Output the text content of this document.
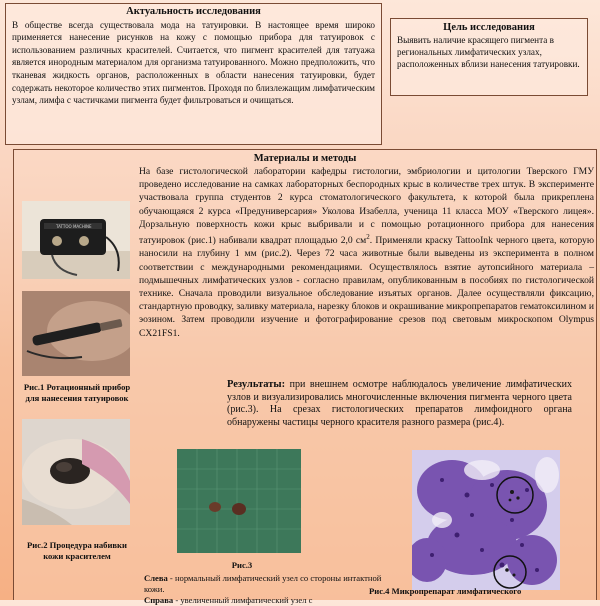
Актуальность исследования
В обществе всегда существовала мода на татуировки. В настоящее время широко применяется нанесение рисунков на кожу с помощью прибора для татуировок с использованием различных красителей. Считается, что пигмент красителей для татуажа является инородным материалом для организма татуированного. Можно предположить, что тканевая жидкость органов, расположенных в области нанесения татуировки, будет содержать некоторое количество этих пигментов. Проходя по близлежащим лимфатическим узлам, лимфа с частичками пигмента будет фильтроваться и очищаться.
Цель исследования
Выявить наличие красящего пигмента в региональных лимфатических узлах, расположенных вблизи нанесения татуировки.
Материалы и методы
На базе гистологической лаборатории кафедры гистологии, эмбриологии и цитологии Тверского ГМУ проведено исследование на самках лабораторных беспородных крыс в количестве трех штук. В эксперименте участвовала группа студентов 2 курса стоматологического факультета, к которой была прикреплена обучающаяся 2 курса «Предуниверсария» Уколова Изабелла, ученица 11 класса МОУ «Тверского лицея». Дорзальную поверхность кожи крыс выбривали и с помощью ротационного прибора для нанесения татуировок (рис.1) набивали квадрат площадью 2,0 $см^2$. Применяли краску TattooInk черного цвета, которую наносили на глубину 1 мм (рис.2). Через 72 часа животные были выведены из эксперимента в полном соответствии с международными рекомендациями. Осуществлялось взятие аутопсийного материала – подмышечных лимфатических узлов - согласно правилам, опубликованным в пособиях по гистологической технике. Сначала проводили визуальное обследование изъятых органов. Далее осуществляли фиксацию, стандартную проводку, заливку материала, нарезку блоков и окрашивание микропрепаратов гематоксилином и эозином. Затем проводили изучение и фотографирование срезов под световым микроскопом Olympus CX21FS1.
TATTOO MACHINE
Рис.1 Ротационный прибор для нанесения татуировок
Рис.2 Процедура набивки кожи красителем
Результаты: при внешнем осмотре наблюдалось увеличение лимфатических узлов и визуализировались многочисленные включения пигмента черного цвета (рис.3). На срезах гистологических препаратов лимфоидного органа обнаружены частицы черного красителя разного размера (рис.4).
Рис.3
Слева - нормальный лимфатический узел со стороны интактной кожи.
Справа - увеличенный лимфатический узел с
Рис.4 Микропрепарат лимфатического
